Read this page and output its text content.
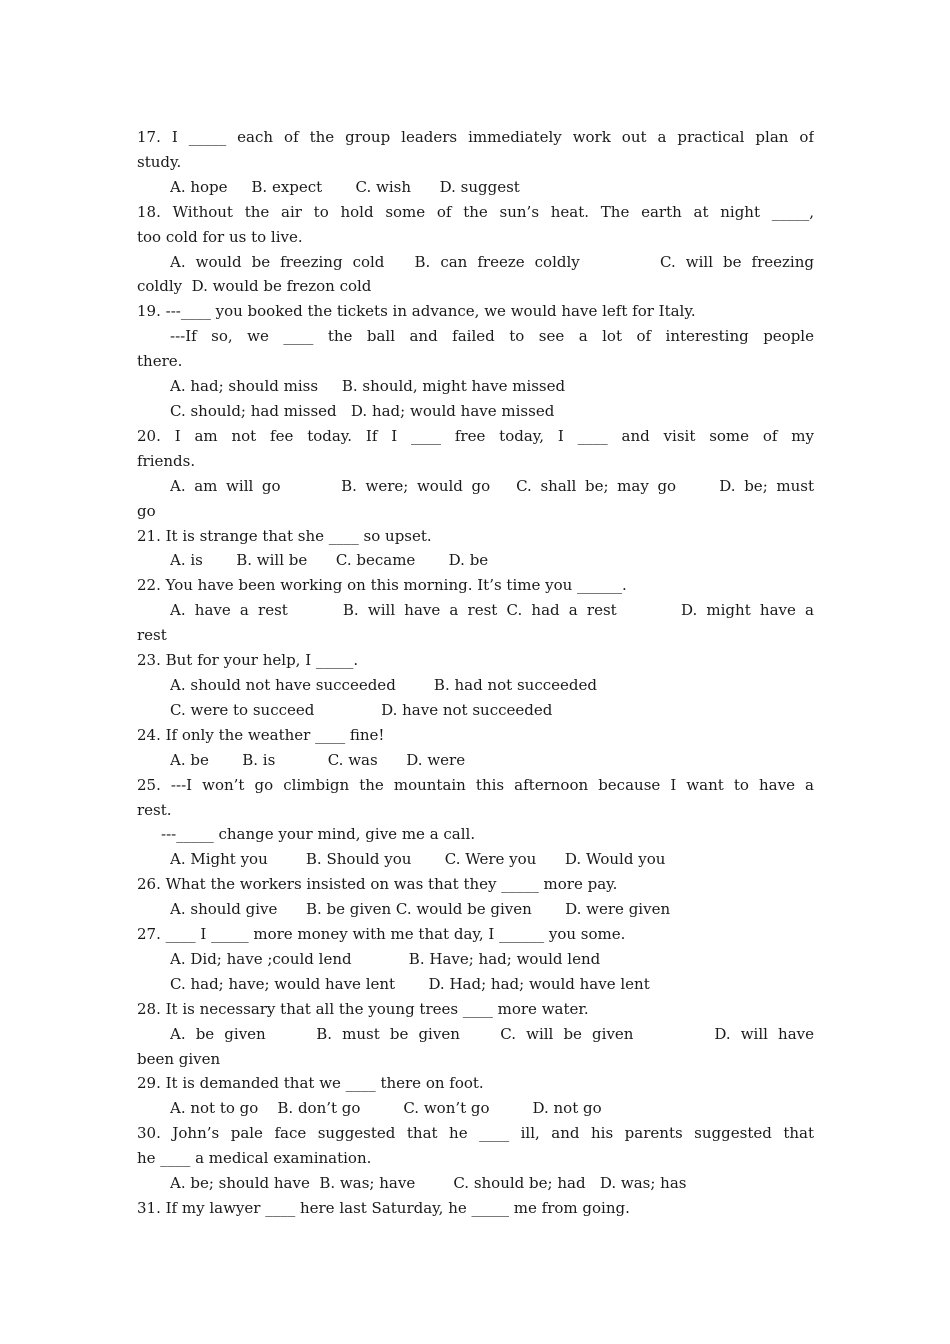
17. I _____ each of the group leaders immediately work out a practical plan of
study.
A. hope     B. expect       C. wish      D. suggest
18. Without the air to hold some of the sun’s heat. The earth at night _____,
too cold for us to live.
A. would be freezing cold   B. can freeze coldly        C. will be freezing
coldly  D. would be frezon cold
19. ---____ you booked the tickets in advance, we would have left for Italy.
---If so, we ____ the ball and failed to see a lot of interesting people
there.
A. had; should miss     B. should, might have missed
C. should; had missed   D. had; would have missed
20. I am not fee today. If I ____ free today, I ____ and visit some of my
friends.
A. am will go       B. were; would go   C. shall be; may go     D. be; must
go
21. It is strange that she ____ so upset.
A. is       B. will be      C. became       D. be
22. You have been working on this morning. It’s time you ______.
A. have a rest      B. will have a rest C. had a rest       D. might have a
rest
23. But for your help, I _____.
A. should not have succeeded        B. had not succeeded
C. were to succeed              D. have not succeeded
24. If only the weather ____ fine!
A. be       B. is           C. was      D. were
25. ---I won’t go climbign the mountain this afternoon because I want to have a
rest.
---_____ change your mind, give me a call.
A. Might you        B. Should you       C. Were you      D. Would you
26. What the workers insisted on was that they _____ more pay.
A. should give      B. be given C. would be given       D. were given
27. ____ I _____ more money with me that day, I ______ you some.
A. Did; have ;could lend            B. Have; had; would lend
C. had; have; would have lent       D. Had; had; would have lent
28. It is necessary that all the young trees ____ more water.
A. be given     B. must be given    C. will be given        D. will have
been given
29. It is demanded that we ____ there on foot.
A. not to go    B. don’t go         C. won’t go         D. not go
30. John’s pale face suggested that he ____ ill, and his parents suggested that
he ____ a medical examination.
A. be; should have  B. was; have        C. should be; had   D. was; has
31. If my lawyer ____ here last Saturday, he _____ me from going.
